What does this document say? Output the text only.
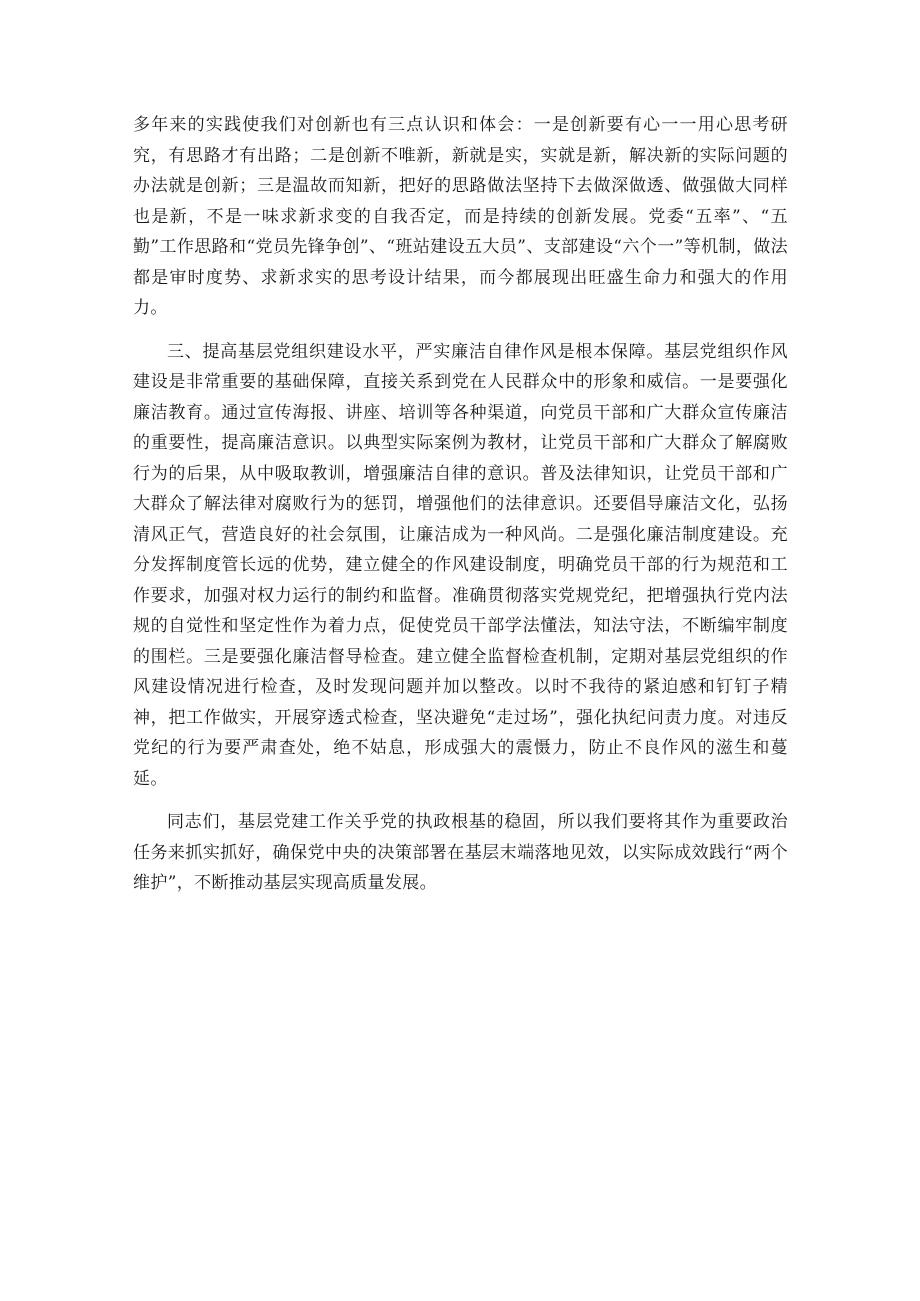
多年来的实践使我们对创新也有三点认识和体会：一是创新要有心一一用心思考研究，有思路才有出路；二是创新不唯新，新就是实，实就是新，解决新的实际问题的办法就是创新；三是温故而知新，把好的思路做法坚持下去做深做透、做强做大同样也是新，不是一味求新求变的自我否定，而是持续的创新发展。党委“五率”、“五勤”工作思路和“党员先锋争创”、“班站建设五大员”、支部建设“六个一”等机制，做法都是审时度势、求新求实的思考设计结果，而今都展现出旺盛生命力和强大的作用力。

三、提高基层党组织建设水平，严实廉洁自律作风是根本保障。基层党组织作风建设是非常重要的基础保障，直接关系到党在人民群众中的形象和威信。一是要强化廉洁教育。通过宣传海报、讲座、培训等各种渠道，向党员干部和广大群众宣传廉洁的重要性，提高廉洁意识。以典型实际案例为教材，让党员干部和广大群众了解腐败行为的后果，从中吸取教训，增强廉洁自律的意识。普及法律知识，让党员干部和广大群众了解法律对腐败行为的惩罚，增强他们的法律意识。还要倡导廉洁文化，弘扬清风正气，营造良好的社会氛围，让廉洁成为一种风尚。二是强化廉洁制度建设。充分发挥制度管长远的优势，建立健全的作风建设制度，明确党员干部的行为规范和工作要求，加强对权力运行的制约和监督。准确贯彻落实党规党纪，把增强执行党内法规的自觉性和坚定性作为着力点，促使党员干部学法懂法，知法守法，不断编牢制度的围栏。三是要强化廉洁督导检查。建立健全监督检查机制，定期对基层党组织的作风建设情况进行检查，及时发现问题并加以整改。以时不我待的紧迫感和钉钉子精神，把工作做实，开展穿透式检查，坚决避免“走过场”，强化执纪问责力度。对违反党纪的行为要严肃查处，绝不姑息，形成强大的震慑力，防止不良作风的滋生和蔓延。

同志们，基层党建工作关乎党的执政根基的稳固，所以我们要将其作为重要政治任务来抓实抓好，确保党中央的决策部署在基层末端落地见效，以实际成效践行“两个维护”，不断推动基层实现高质量发展。
